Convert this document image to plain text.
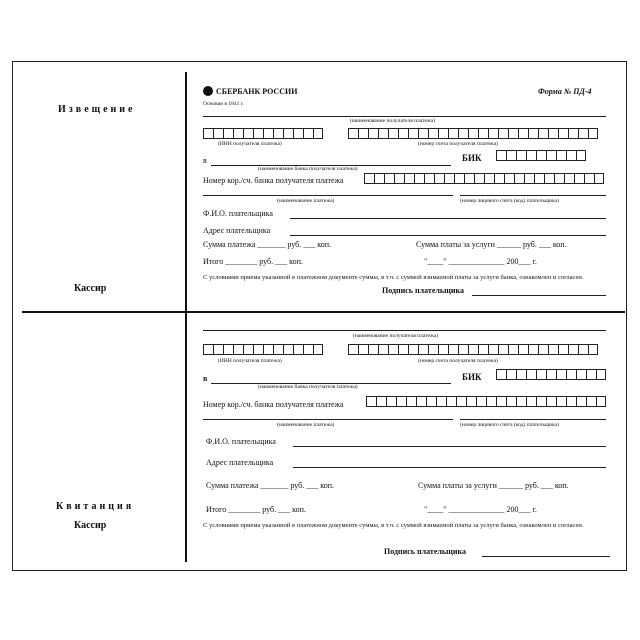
Извещение
Кассир
Квитанция
Кассир
СБЕРБАНК РОССИИ
Основан в 1841 г.
Форма № ПД-4
(наименование получателя платежа)
(ИНН получателя платежа)	(номер счета получателя платежа)
в	БИК
(наименование банка получателя платежа)
Номер кор./сч. банка получателя платежа
(наименование платежа)	(номер лицевого счета (код) плательщика)
Ф.И.О. плательщика
Адрес плательщика
Сумма платежа _______ руб. ___ коп.	Сумма платы за услуги ______ руб. ___ коп.
Итого ________ руб. ___ коп.	"____" ______________ 200___ г.
С условиями приема указанной в платежном документе суммы, в т.ч. с суммой взимаемой платы за услуги банка, ознакомлен и согласен.
Подпись плательщика
(наименование получателя платежа)
(ИНН получателя платежа)	(номер счета получателя платежа)
в	БИК
(наименование банка получателя платежа)
Номер кор./сч. банка получателя платежа
(наименование платежа)	(номер лицевого счета (код) плательщика)
Ф.И.О. плательщика
Адрес плательщика
Сумма платежа _______ руб. ___ коп.	Сумма платы за услуги ______ руб. ___ коп.
Итого ________ руб. ___ коп.	"____" ______________ 200___ г.
С условиями приема указанной в платежном документе суммы, в т.ч. с суммой взимаемой платы за услуги банка, ознакомлен и согласен.
Подпись плательщика
